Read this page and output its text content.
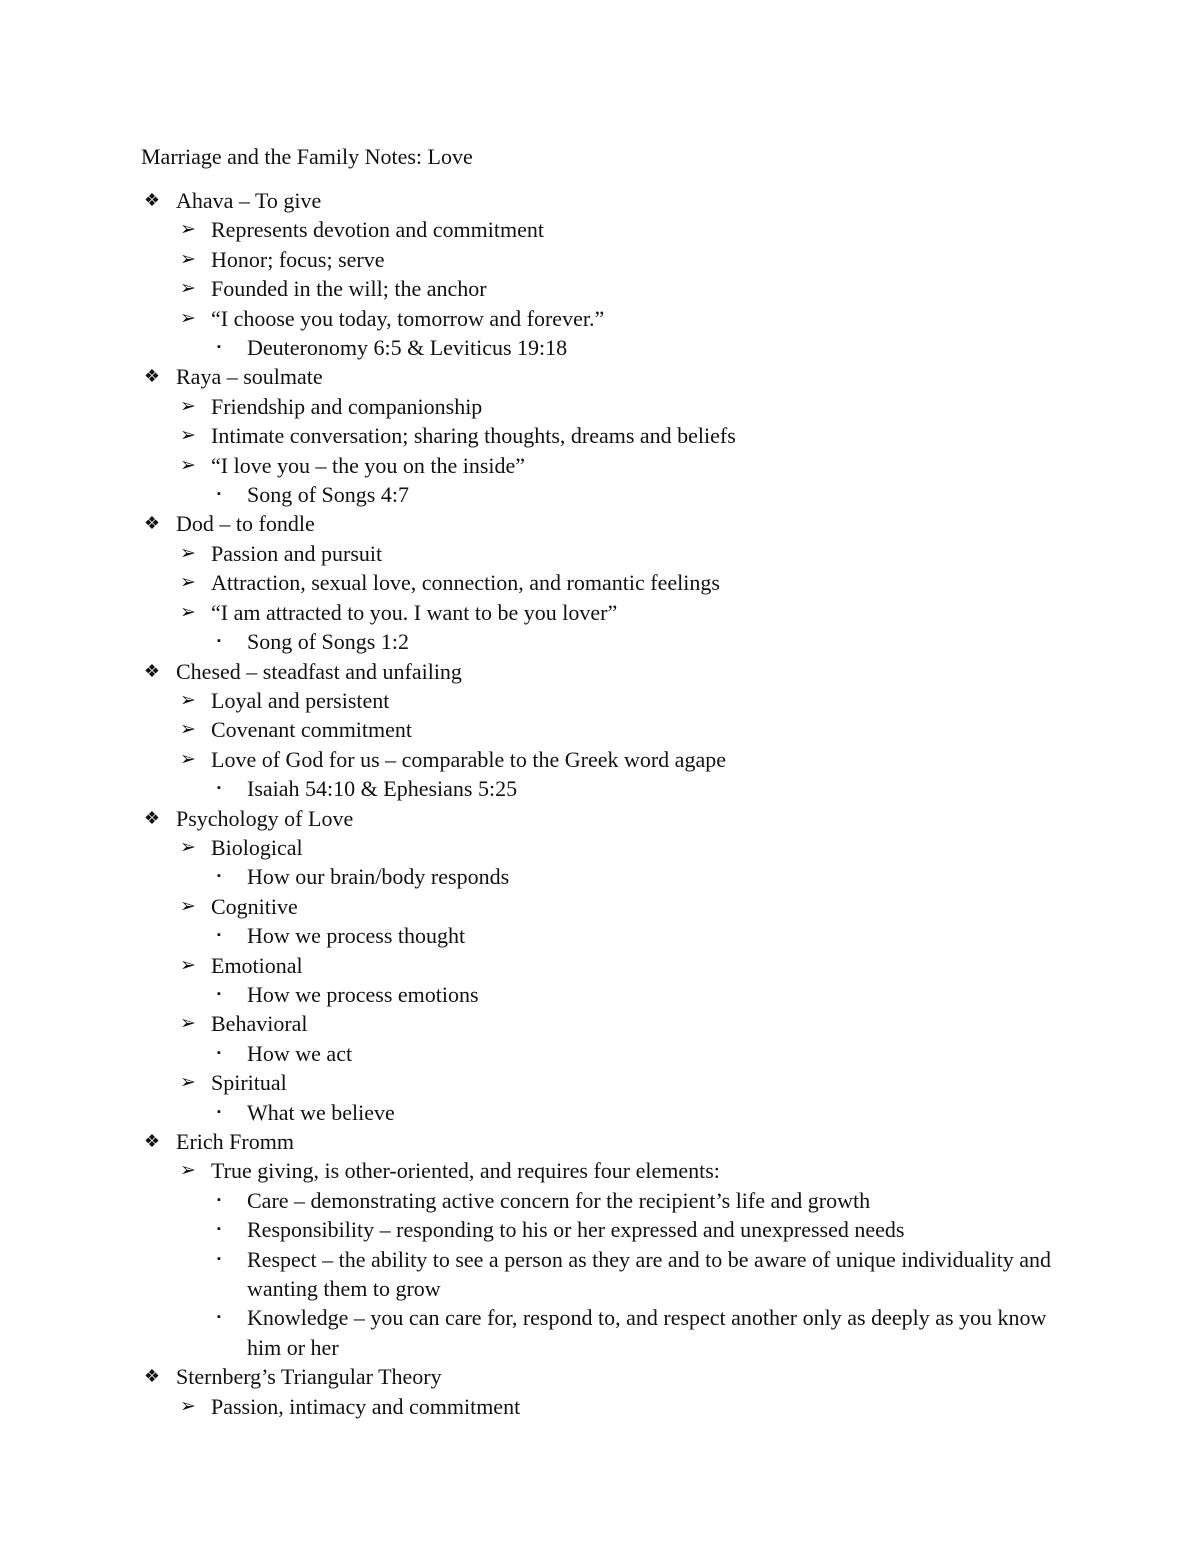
Marriage and the Family Notes: Love
❖ Ahava – To give
➢ Represents devotion and commitment
➢ Honor; focus; serve
➢ Founded in the will; the anchor
➢ “I choose you today, tomorrow and forever.”
▪ Deuteronomy 6:5 & Leviticus 19:18
❖ Raya – soulmate
➢ Friendship and companionship
➢ Intimate conversation; sharing thoughts, dreams and beliefs
➢ “I love you – the you on the inside”
▪ Song of Songs 4:7
❖ Dod – to fondle
➢ Passion and pursuit
➢ Attraction, sexual love, connection, and romantic feelings
➢ “I am attracted to you. I want to be you lover”
▪ Song of Songs 1:2
❖ Chesed – steadfast and unfailing
➢ Loyal and persistent
➢ Covenant commitment
➢ Love of God for us – comparable to the Greek word agape
▪ Isaiah 54:10 & Ephesians 5:25
❖ Psychology of Love
➢ Biological
▪ How our brain/body responds
➢ Cognitive
▪ How we process thought
➢ Emotional
▪ How we process emotions
➢ Behavioral
▪ How we act
➢ Spiritual
▪ What we believe
❖ Erich Fromm
➢ True giving, is other-oriented, and requires four elements:
▪ Care – demonstrating active concern for the recipient’s life and growth
▪ Responsibility – responding to his or her expressed and unexpressed needs
▪ Respect – the ability to see a person as they are and to be aware of unique individuality and wanting them to grow
▪ Knowledge – you can care for, respond to, and respect another only as deeply as you know him or her
❖ Sternberg’s Triangular Theory
➢ Passion, intimacy and commitment
